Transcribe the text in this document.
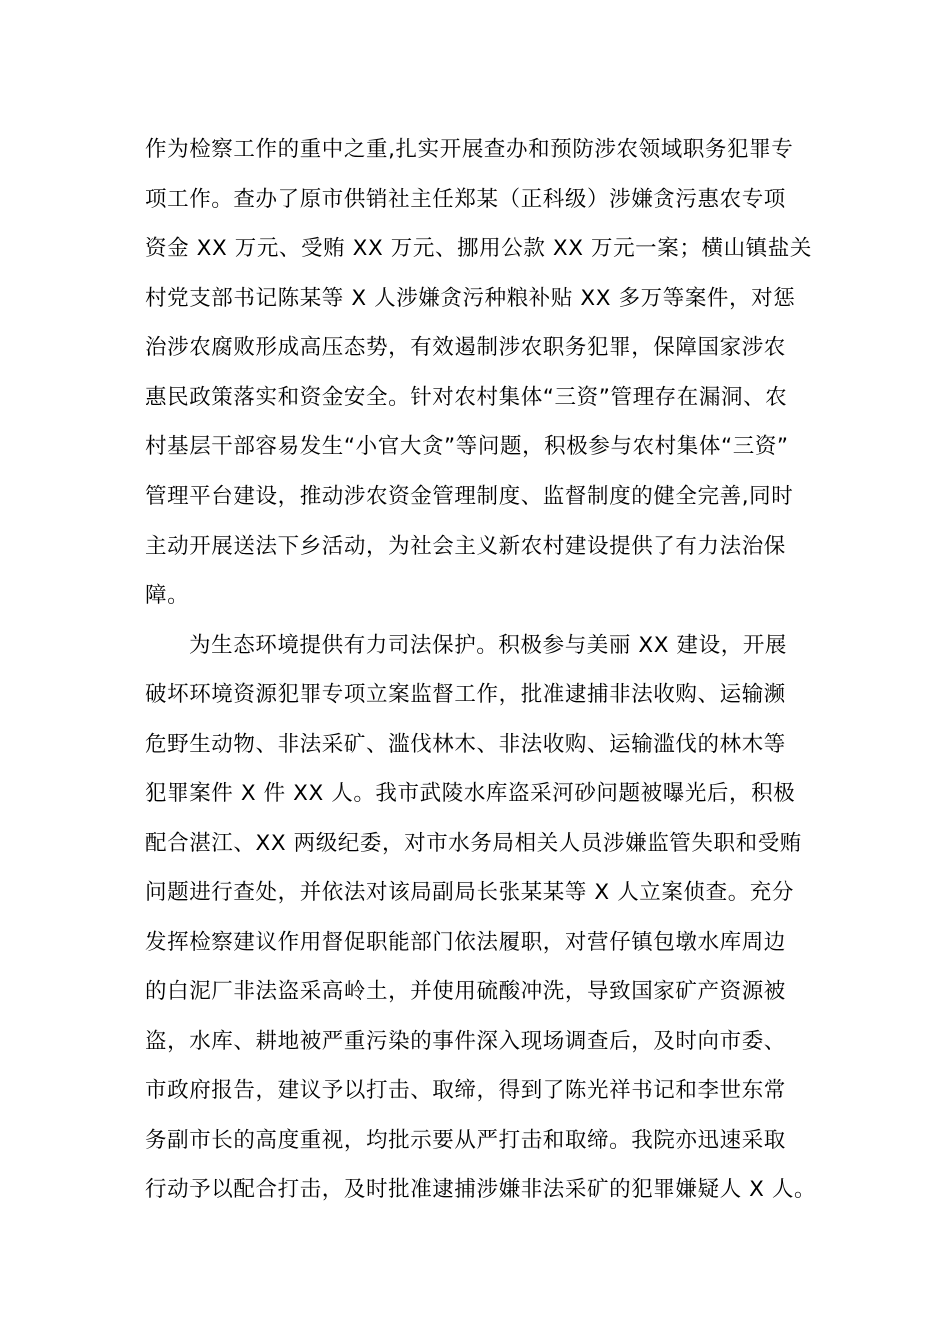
作为检察工作的重中之重,扎实开展查办和预防涉农领域职务犯罪专
项工作。查办了原市供销社主任郑某（正科级）涉嫌贪污惠农专项
资金 XX 万元、受贿 XX 万元、挪用公款 XX 万元一案；横山镇盐关
村党支部书记陈某等 X 人涉嫌贪污种粮补贴 XX 多万等案件，对惩
治涉农腐败形成高压态势，有效遏制涉农职务犯罪，保障国家涉农
惠民政策落实和资金安全。针对农村集体“三资”管理存在漏洞、农
村基层干部容易发生“小官大贪”等问题，积极参与农村集体“三资”
管理平台建设，推动涉农资金管理制度、监督制度的健全完善,同时
主动开展送法下乡活动，为社会主义新农村建设提供了有力法治保
障。
为生态环境提供有力司法保护。积极参与美丽 XX 建设，开展
破坏环境资源犯罪专项立案监督工作，批准逮捕非法收购、运输濒
危野生动物、非法采矿、滥伐林木、非法收购、运输滥伐的林木等
犯罪案件 X 件 XX 人。我市武陵水库盗采河砂问题被曝光后，积极
配合湛江、XX 两级纪委，对市水务局相关人员涉嫌监管失职和受贿
问题进行查处，并依法对该局副局长张某某等 X 人立案侦查。充分
发挥检察建议作用督促职能部门依法履职，对营仔镇包墩水库周边
的白泥厂非法盗采高岭土，并使用硫酸冲洗，导致国家矿产资源被
盗，水库、耕地被严重污染的事件深入现场调查后，及时向市委、
市政府报告，建议予以打击、取缔，得到了陈光祥书记和李世东常
务副市长的高度重视，均批示要从严打击和取缔。我院亦迅速采取
行动予以配合打击，及时批准逮捕涉嫌非法采矿的犯罪嫌疑人 X 人。
